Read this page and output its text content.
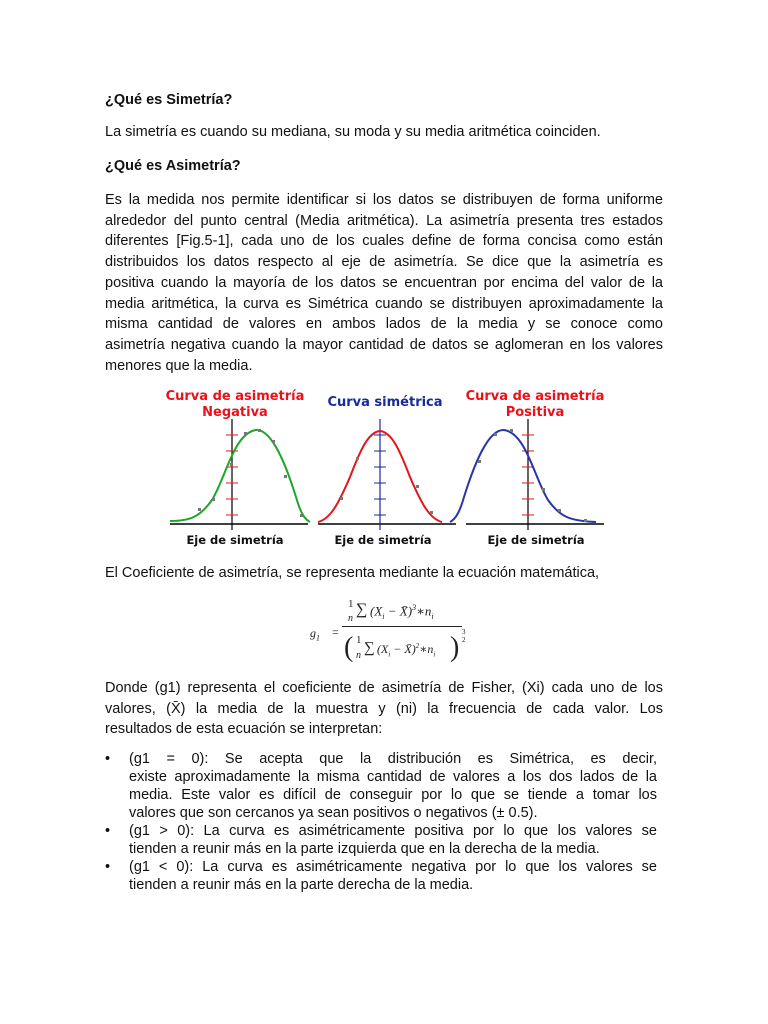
¿Qué es Simetría?
La simetría es cuando su mediana, su moda y su media aritmética coinciden.
¿Qué es Asimetría?
Es la medida nos permite identificar si los datos se distribuyen de forma uniforme
alrededor del punto central (Media aritmética). La asimetría presenta tres estados
diferentes [Fig.5-1], cada uno de los cuales define de forma concisa como están
distribuidos los datos respecto al eje de asimetría. Se dice que la asimetría es
positiva cuando la mayoría de los datos se encuentran por encima del valor de la
media aritmética, la curva es Simétrica cuando se distribuyen aproximadamente la
misma cantidad de valores en ambos lados de la media y se conoce como
asimetría negativa cuando la mayor cantidad de datos se aglomeran en los valores
menores que la media.
Curva de asimetría
Negativa
Curva simétrica	Curva de asimetría
Positiva
Eje de simetría	Eje de simetría	Eje de simetría
El Coeficiente de asimetría, se representa mediante la ecuación matemática,
$g_1$ =
1
n
∑ ($X_i$ − $X̄)^3∗n_i$
( 1
n ∑ ($X_i$ − $X̄)^2∗n_i$ ) 3
2
Donde (g1) representa el coeficiente de asimetría de Fisher, (Xi) cada uno de los
valores, (X̄) la media de la muestra y (ni) la frecuencia de cada valor. Los
resultados de esta ecuación se interpretan:
• (g1 = 0): Se acepta que la distribución es Simétrica, es decir,
existe aproximadamente la misma cantidad de valores a los dos lados de la
media. Este valor es difícil de conseguir por lo que se tiende a tomar los
valores que son cercanos ya sean positivos o negativos (± 0.5).
• (g1 > 0): La curva es asimétricamente positiva por lo que los valores se
tienden a reunir más en la parte izquierda que en la derecha de la media.
• (g1 < 0): La curva es asimétricamente negativa por lo que los valores se
tienden a reunir más en la parte derecha de la media.
